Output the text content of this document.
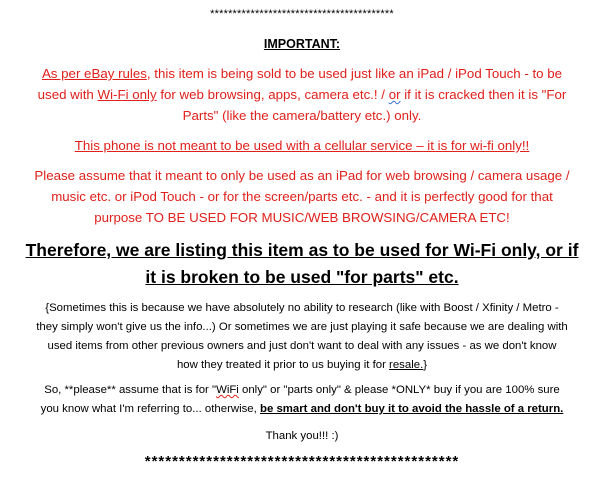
*****************************************
IMPORTANT:
As per eBay rules, this item is being sold to be used just like an iPad / iPod Touch - to be
used with Wi-Fi only for web browsing, apps, camera etc.! / or if it is cracked then it is "For
Parts" (like the camera/battery etc.) only.
This phone is not meant to be used with a cellular service – it is for wi-fi only!!
Please assume that it meant to only be used as an iPad for web browsing / camera usage /
music etc. or iPod Touch - or for the screen/parts etc. - and it is perfectly good for that
purpose TO BE USED FOR MUSIC/WEB BROWSING/CAMERA ETC!
Therefore, we are listing this item as to be used for Wi-Fi only, or if
it is broken to be used "for parts" etc.
{Sometimes this is because we have absolutely no ability to research (like with Boost / Xfinity / Metro -
they simply won't give us the info...) Or sometimes we are just playing it safe because we are dealing with
used items from other previous owners and just don't want to deal with any issues - as we don't know
how they treated it prior to us buying it for resale.}
So, **please** assume that is for "WiFi only" or "parts only" & please *ONLY* buy if you are 100% sure
you know what I'm referring to... otherwise, be smart and don't buy it to avoid the hassle of a return.
Thank you!!! :)
**********************************************
